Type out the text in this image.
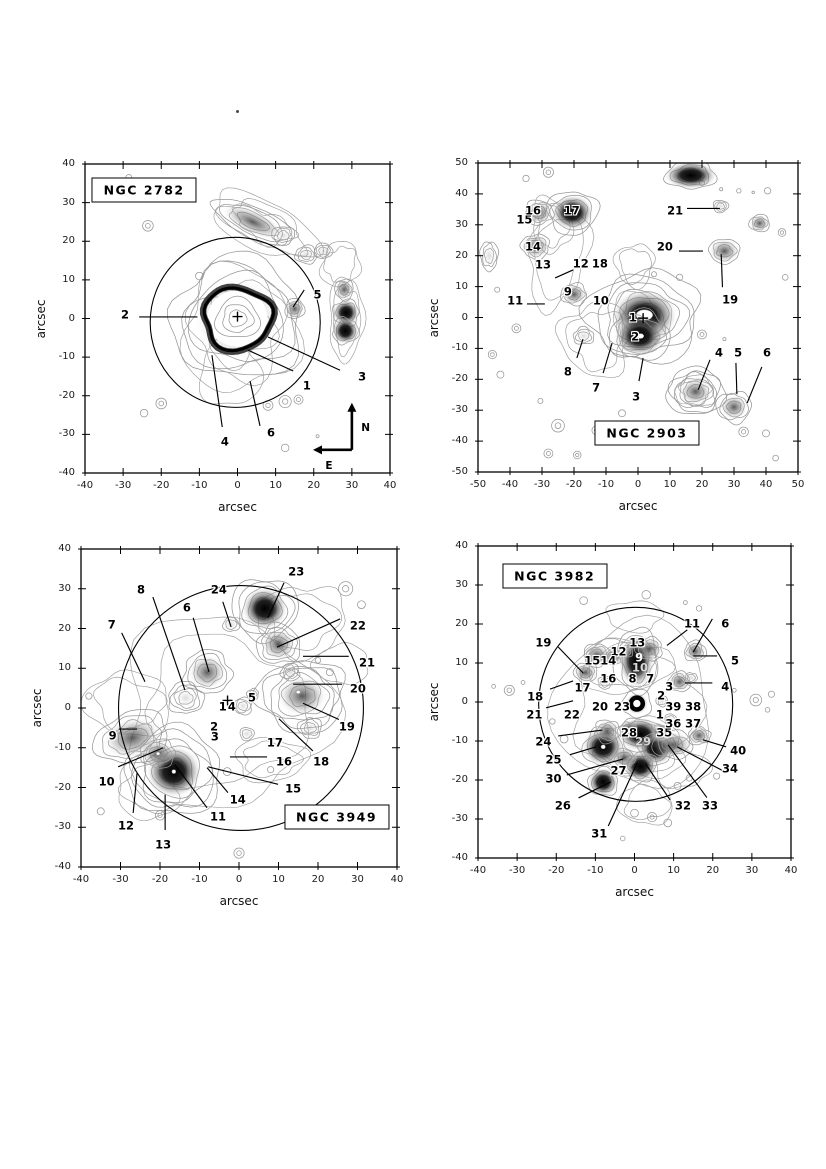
1
2
3
4
5
6	N
E
NGC 2782
-40
-40
-30
-30
-20
-20
-10
-10
0
0
10
10
20
20
30
30
40
40
arcsec
arcsec	1
2
3
4 5 6
7
8
9
10
11
12
13
14
15
16 17
18
19
20
21
NGC 2903
-50
-50
-40
-40
-30
-30
-20
-20
-10
-10
0
0
10
10
20
20
30
30
40
40
50
50
arcsec
arcsec
1
2
3
4
5
6
7
8
9
10
11
12
13
14
15
16
17
18
19
20
21
22
23
24
NGC 3949
-40
-40
-30
-30
-20
-20
-10
-10
0
0
10
10
20
20
30
30
40
40
arcsec
arcsec	1
2
3	4
5
6
7
8
9
10
11
12
13
14
15
16
17
18
19
20
21 22
23
24
25
26
27
28
29
30
31
32 33
34
35
36 37
38
39
40
NGC 3982
-40
-40
-30
-30
-20
-20
-10
-10
0
0
10
10
20
20
30
30
40
40
arcsec
arcsec
